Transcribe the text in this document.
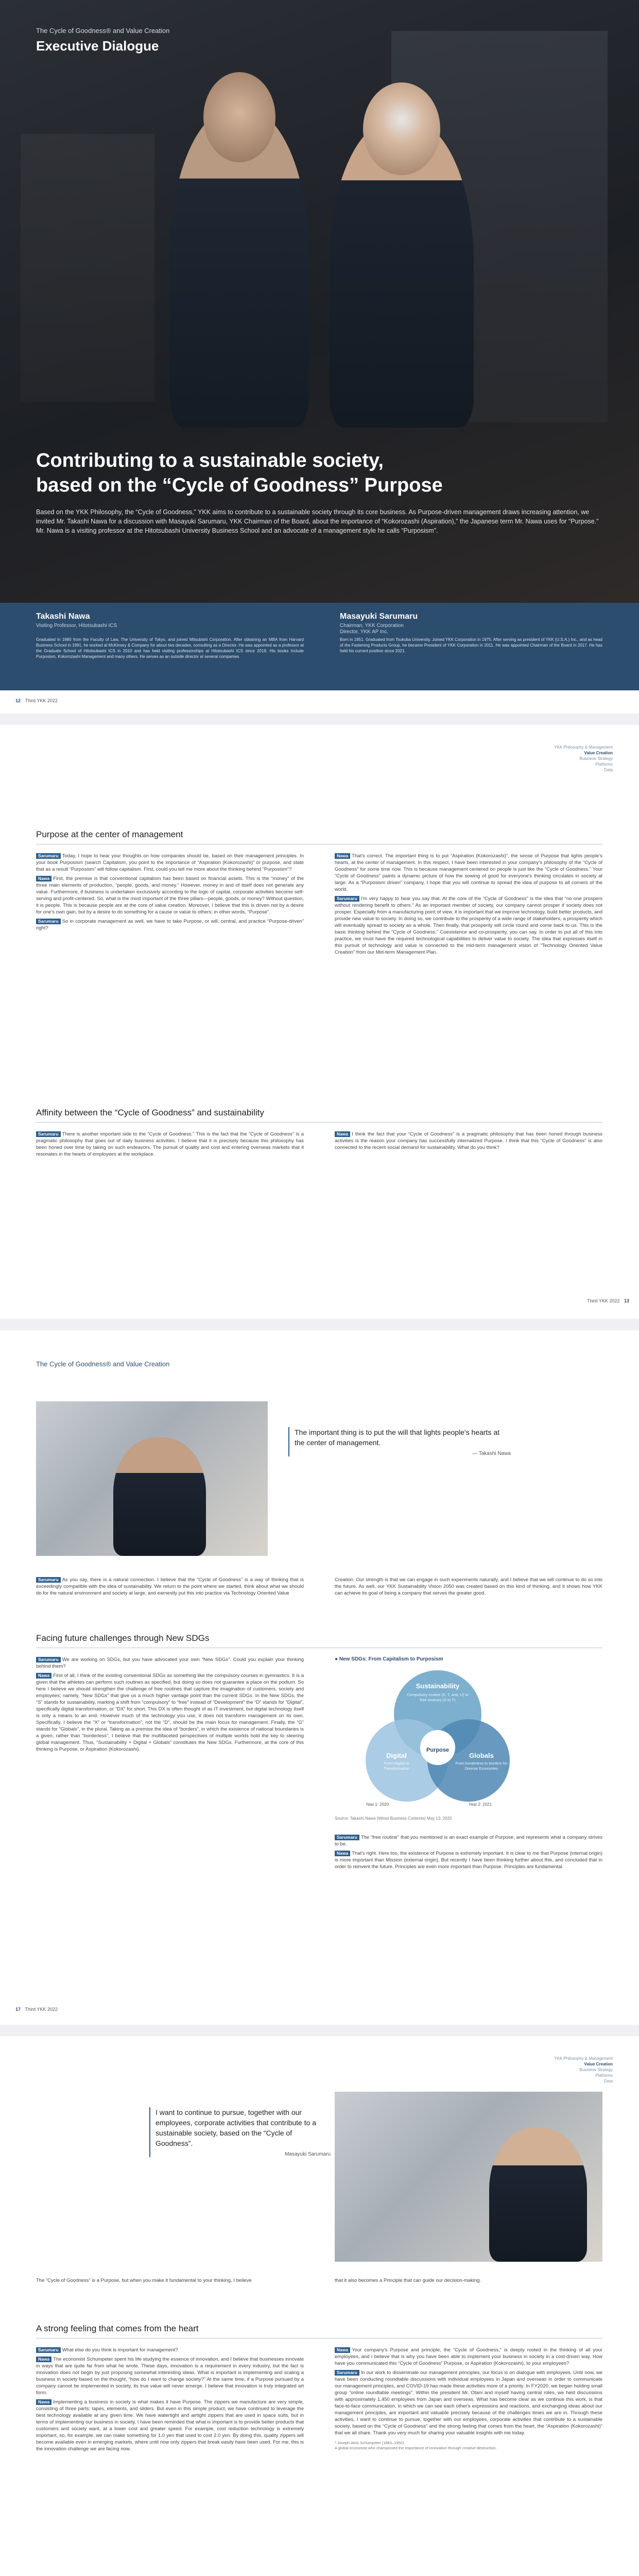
The Cycle of Goodness® and Value Creation
Executive Dialogue
Contributing to a sustainable society,
based on the “Cycle of Goodness” Purpose
Based on the YKK Philosophy, the “Cycle of Goodness,” YKK aims to contribute to a sustainable society through its core business. As Purpose-driven management draws increasing attention, we invited Mr. Takashi Nawa for a discussion with Masayuki Sarumaru, YKK Chairman of the Board, about the importance of “Kokorozashi (Aspiration),” the Japanese term Mr. Nawa uses for “Purpose.” Mr. Nawa is a visiting professor at the Hitotsubashi University Business School and an advocate of a management style he calls “Purposism”.
Takashi Nawa
Visiting Professor, Hitotsubashi ICS
Graduated in 1980 from the Faculty of Law, The University of Tokyo, and joined Mitsubishi Corporation. After obtaining an MBA from Harvard Business School in 1991, he worked at McKinsey & Company for about two decades, consulting as a Director. He was appointed as a professor at the Graduate School of Hitotsubashi ICS in 2010 and has held visiting professorships at Hitotsubashi ICS since 2018. His books include Purposism, Kokorozashi Management and many others. He serves as an outside director at several companies.
Masayuki Sarumaru
Chairman, YKK Corporation
Director, YKK AP Inc.
Born in 1951. Graduated from Tsukuba University. Joined YKK Corporation in 1975. After serving as president of YKK (U.S.A.) Inc., and as head of the Fastening Products Group, he became President of YKK Corporation in 2011. He was appointed Chairman of the Board in 2017. He has held his current position since 2021.
12 Third YKK 2022
YKK Philosophy & Management
Value Creation
Business Strategy
Platforms
Data
Purpose at the center of management

Sarumaru Today, I hope to hear your thoughts on how companies should be, based on their management principles. In your book Purposism (search Capitalism, you point to the importance of “Aspiration (Kokorozashi)” or purpose, and state that as a result “Purposism” will follow capitalism. First, could you tell me more about the thinking behind “Purposism”?

Nawa First, the premise is that conventional capitalism has been based on financial assets. This is the “money” of the three main elements of production, “people, goods, and money.” However, money in and of itself does not generate any value. Furthermore, if business is undertaken exclusively according to the logic of capital, corporate activities become self-serving and profit-centered. So, what is the most important of the three pillars—people, goods, or money? Without question, it is people. This is because people are at the core of value creation. Moreover, I believe that this is driven not by a desire for one's own gain, but by a desire to do something for a cause or value to others; in other words, “Purpose”.

Sarumaru So in corporate management as well, we have to take Purpose, or will, central, and practice “Purpose-driven” right?

Nawa That's correct. The important thing is to put “Aspiration (Kokorozashi)”, the sense of Purpose that lights people's hearts, at the center of management. In this respect, I have been interested in your company's philosophy of the “Cycle of Goodness” for some time now. This is because management centered on people is just like the “Cycle of Goodness.” Your “Cycle of Goodness” paints a dynamic picture of how the sowing of good for everyone's thinking circulates in society at large. As a “Purposism driven” company, I hope that you will continue to spread the idea of purpose to all corners of the world.

Sarumaru I'm very happy to hear you say that. At the core of the “Cycle of Goodness” is the idea that “no one prospers without rendering benefit to others.” As an important member of society, our company cannot prosper if society does not prosper. Especially from a manufacturing point of view, it is important that we improve technology, build better products, and provide new value to society. In doing so, we contribute to the prosperity of a wide range of stakeholders, a prosperity which will eventually spread to society as a whole. Then finally, that prosperity will circle round and come back to us. This is the basic thinking behind the “Cycle of Goodness.” Coexistence and co-prosperity, you can say. In order to put all of this into practice, we must have the required technological capabilities to deliver value to society. The idea that expresses itself in this pursuit of technology and value is connected to the mid-term management vision of “Technology Oriented Value Creation” from our Mid-term Management Plan.

Affinity between the “Cycle of Goodness” and sustainability

Sarumaru There is another important side to the “Cycle of Goodness.” This is the fact that the “Cycle of Goodness” is a pragmatic philosophy that goes out of daily business activities. I believe that it is precisely because this philosophy has been honed over time by taking on such endeavors. The pursuit of quality and cost and entering overseas markets that it resonates in the hearts of employees at the workplace.

Nawa I think the fact that your “Cycle of Goodness” is a pragmatic philosophy that has been honed through business activities is the reason your company has successfully internalized Purpose. I think that this “Cycle of Goodness” is also connected to the recent social demand for sustainability. What do you think?

Third YKK 2022 13
The Cycle of Goodness® and Value Creation
The important thing is to put the will that lights people's hearts at the center of management.
— Takashi Nawa

Sarumaru As you say, there is a natural connection. I believe that the “Cycle of Goodness” is a way of thinking that is exceedingly compatible with the idea of sustainability. We return to the point where we started, think about what we should do for the natural environment and society at large, and earnestly put this into practice via Technology Oriented Value

Creation. Our strength is that we can engage in such experiments naturally, and I believe that we will continue to do so into the future. As well, our YKK Sustainability Vision 2050 was created based on this kind of thinking, and it shows how YKK can achieve its goal of being a company that serves the greater good.

Facing future challenges through New SDGs

Sarumaru We are working on SDGs, but you have advocated your own “New SDGs”. Could you explain your thinking behind them?

Nawa First of all, I think of the existing conventional SDGs as something like the compulsory courses in gymnastics. It is a given that the athletes can perform such routines as specified, but doing so does not guarantee a place on the podium. So here I believe we should strengthen the challenge of free routines that capture the imagination of customers, society and employees; namely, “New SDGs” that give us a much higher vantage point than the current SDGs. In the New SDGs, the “S” stands for sustainability, marking a shift from “compulsory” to “free” instead of “Development” the “D” stands for “Digital”, specifically digital transformation, or “DX” for short. This DX is often thought of as IT investment, but digital technology itself is only a means to an end. However much of the technology you use, it does not transform management on its own. Specifically, I believe the “X” or “transformation”, not the “D”, should be the main focus for management. Finally, the “G” stands for “Globals”, in the plural. Taking as a premise the idea of “borders”, in which the existence of national boundaries is a given, rather than “borderless”, I believe that the multifaceted perspectives of multiple worlds hold the key to steering global management. Thus, “Sustainability + Digital + Globals” constitutes the New SDGs. Furthermore, at the core of this thinking is Purpose, or Aspiration (Kokorozashi).

● New SDGs: From Capitalism to Purposism
Sustainability
Compulsory routine (E, T, and, U) to free routines (S to T)
Digital
From Digital to Transformation
Globals
From borderless to borders for Diverse Economies
Purpose
Year 1: 2020	Year 2: 2021
Source: Takashi Nawa (Wired Business Contents) May 13, 2020

Sarumaru The “free routine” that you mentioned is an exact example of Purpose, and represents what a company strives to be.

Nawa That's right. Here too, the existence of Purpose is extremely important. It is clear to me that Purpose (internal origin) is more important than Mission (external origin). But recently I have been thinking further about this, and concluded that in order to reinvent the future, Principles are even more important than Purpose. Principles are fundamental.

17 Third YKK 2022
YKK Philosophy & Management
Value Creation
Business Strategy
Platforms
Data
I want to continue to pursue, together with our employees, corporate activities that contribute to a sustainable society, based on the “Cycle of Goodness”.
Masayuki Sarumaru
The “Cycle of Goodness” is a Purpose, but when you make it fundamental to your thinking, I believe	that it also becomes a Principle that can guide our decision-making.
A strong feeling that comes from the heart

Sarumaru What else do you think is important for management?

Nawa The economist Schumpeter spent his life studying the essence of innovation, and I believe that businesses innovate in ways that are quite far from what he wrote. These days, innovation is a requirement in every industry, but the fact is innovation does not begin by just proposing somewhat interesting ideas. What is important is implementing and scaling a business in society based on the thought, “how do I want to change society?” At the same time, if a Purpose pursued by a company cannot be implemented in society, its true value will never emerge. I believe that innovation is truly integrated art form.

Nawa Implementing a business in society is what makes it have Purpose. The zippers we manufacture are very simple, consisting of three parts: tapes, elements, and sliders. But even in this simple product, we have continued to leverage the best technology available at any given time. We have watertight and airtight zippers that are used in space suits, but in terms of implementing our business in society, I have been reminded that what is important is to provide better products that customers and society want, at a lower cost and greater speed. For example, cost reduction technology is extremely important, so, for example, we can make something for 1.0 yen that used to cost 2.0 yen. By doing this, quality zippers will become available even in emerging markets, where until now only zippers that break easily have been used. For me, this is the innovation challenge we are facing now.

Nawa Your company's Purpose and principle, the “Cycle of Goodness,” is deeply rooted in the thinking of all your employees, and I believe that is why you have been able to implement your business in society in a cost-driven way. How have you communicated this “Cycle of Goodness” Purpose, or Aspiration (Kokorozashi), to your employees?

Sarumaru In our work to disseminate our management principles, our focus is on dialogue with employees. Until now, we have been conducting roundtable discussions with individual employees in Japan and overseas in order to communicate our management principles, and COVID-19 has made these activities more of a priority. In FY2020, we began holding small group “online roundtable meetings”. Within the president Mr. Otani and myself having central roles, we held discussions with approximately 1,450 employees from Japan and overseas. What has become clear as we continue this work, is that face-to-face communication, in which we can see each other's expressions and reactions, and exchanging ideas about our management principles, are important and valuable precisely because of the challenges times we are in. Through these activities, I want to continue to pursue, together with our employees, corporate activities that contribute to a sustainable society, based on the “Cycle of Goodness” and the strong feeling that comes from the heart, the “Aspiration (Kokorozashi)” that we all share. Thank you very much for sharing your valuable insights with me today.

* Joseph Alois Schumpeter (1883–1950)
A global economist who championed the importance of innovation through creative destruction.
